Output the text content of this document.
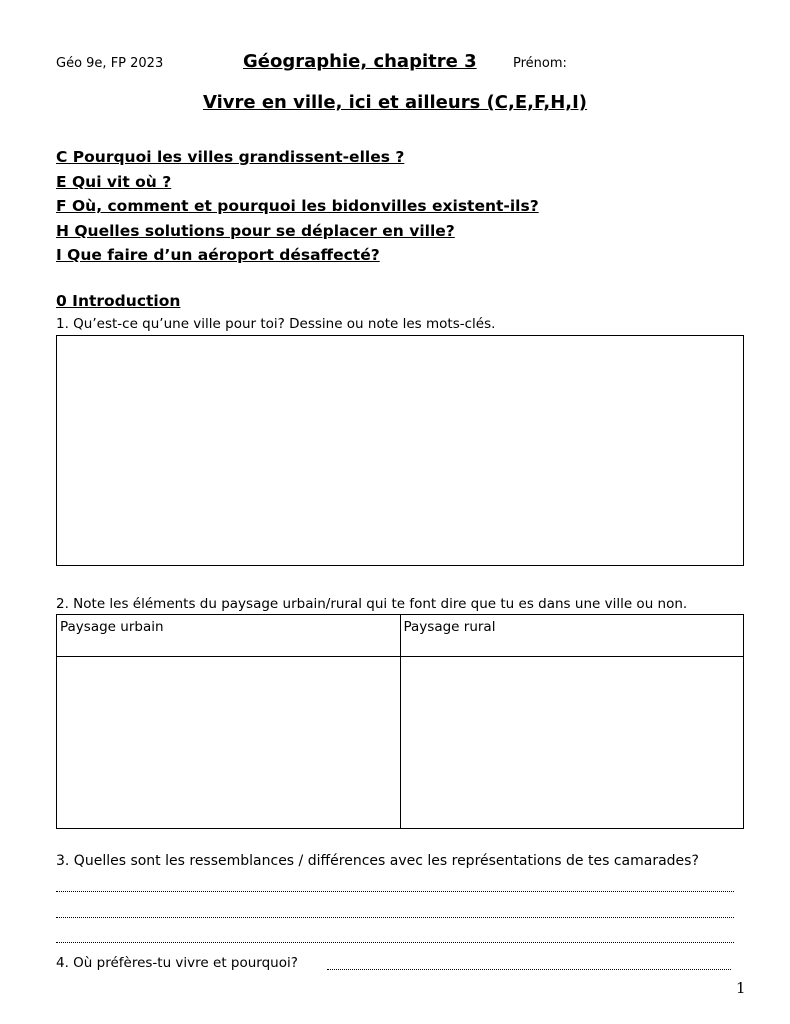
Géo 9e, FP 2023	Géographie, chapitre 3	Prénom:
Vivre en ville, ici et ailleurs (C,E,F,H,I)
C Pourquoi les villes grandissent-elles ?
E Qui vit où ?
F Où, comment et pourquoi les bidonvilles existent-ils?
H Quelles solutions pour se déplacer en ville?
I Que faire d’un aéroport désaffecté?
0 Introduction
1. Qu’est-ce qu’une ville pour toi? Dessine ou note les mots-clés.
2. Note les éléments du paysage urbain/rural qui te font dire que tu es dans une ville ou non.
Paysage urbain	Paysage rural

3. Quelles sont les ressemblances / différences avec les représentations de tes camarades?
4. Où préfères-tu vivre et pourquoi?
1
